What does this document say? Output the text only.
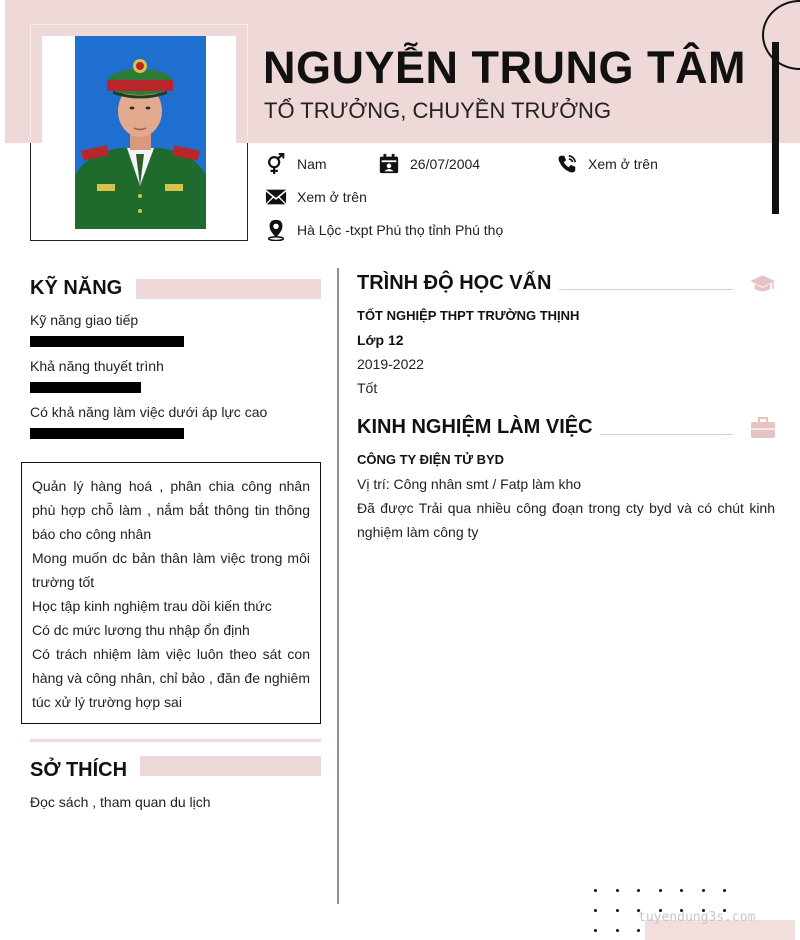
NGUYỄN TRUNG TÂM
TỔ TRƯỞNG, CHUYỀN TRƯỞNG
Nam	26/07/2004	Xem ở trên
Xem ở trên
Hà Lộc -txpt Phú thọ tỉnh Phú thọ
KỸ NĂNG
Kỹ năng giao tiếp
Khả năng thuyết trình
Có khả năng làm việc dưới áp lực cao

Quản lý hàng hoá , phân chia công nhân phù hợp chỗ làm , nắm bắt thông tin thông báo cho công nhân

Mong muốn dc bản thân làm việc trong môi trường tốt

Học tập kinh nghiệm trau dồi kiến thức

Có dc mức lương thu nhập ổn định

Có trách nhiệm làm việc luôn theo sát con hàng và công nhân, chỉ bảo , đăn đe nghiêm túc xử lý trường hợp sai

SỞ THÍCH
Đọc sách , tham quan du lịch
TRÌNH ĐỘ HỌC VẤN
TỐT NGHIỆP THPT TRƯỜNG THỊNH
Lớp 12
2019-2022
Tốt
KINH NGHIỆM LÀM VIỆC
CÔNG TY ĐIỆN TỬ BYD
Vị trí: Công nhân smt / Fatp làm kho
Đã được Trải qua nhiều công đoạn trong cty byd và có chút kinh nghiệm làm công ty
tuyendung3s.com
